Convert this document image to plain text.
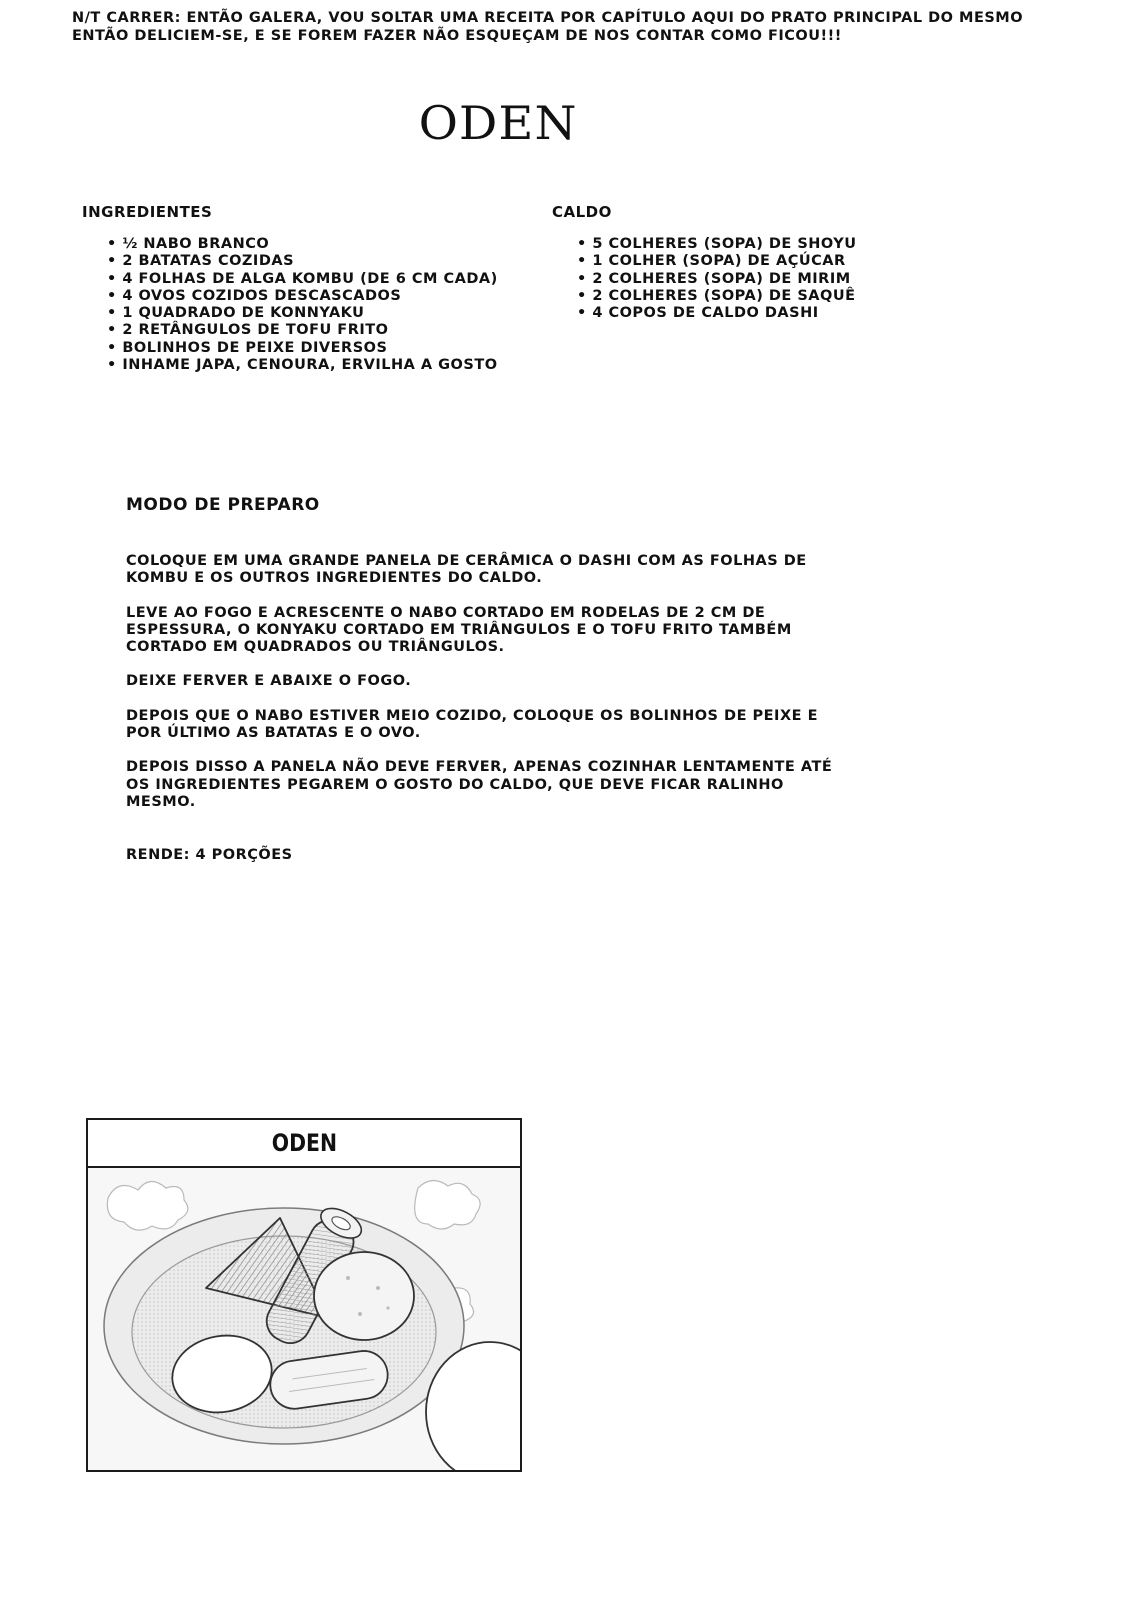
N/T CARRER: ENTÃO GALERA, VOU SOLTAR UMA RECEITA POR CAPÍTULO AQUI DO PRATO PRINCIPAL DO MESMO ENTÃO DELICIEM-SE, E SE FOREM FAZER NÃO ESQUEÇAM DE NOS CONTAR COMO FICOU!!!

ODEN
INGREDIENTES
• ½ NABO BRANCO
• 2 BATATAS COZIDAS
• 4 FOLHAS DE ALGA KOMBU (DE 6 CM CADA)
• 4 OVOS COZIDOS DESCASCADOS
• 1 QUADRADO DE KONNYAKU
• 2 RETÂNGULOS DE TOFU FRITO
• BOLINHOS DE PEIXE DIVERSOS
• INHAME JAPA, CENOURA, ERVILHA A GOSTO
CALDO
• 5 COLHERES (SOPA) DE SHOYU
• 1 COLHER (SOPA) DE AÇÚCAR
• 2 COLHERES (SOPA) DE MIRIM
• 2 COLHERES (SOPA) DE SAQUÊ
• 4 COPOS DE CALDO DASHI
MODO DE PREPARO

COLOQUE EM UMA GRANDE PANELA DE CERÂMICA O DASHI COM AS FOLHAS DE KOMBU E OS OUTROS INGREDIENTES DO CALDO.

LEVE AO FOGO E ACRESCENTE O NABO CORTADO EM RODELAS DE 2 CM DE ESPESSURA, O KONYAKU CORTADO EM TRIÂNGULOS E O TOFU FRITO TAMBÉM CORTADO EM QUADRADOS OU TRIÂNGULOS.

DEIXE FERVER E ABAIXE O FOGO.

DEPOIS QUE O NABO ESTIVER MEIO COZIDO, COLOQUE OS BOLINHOS DE PEIXE E POR ÚLTIMO AS BATATAS E O OVO.

DEPOIS DISSO A PANELA NÃO DEVE FERVER, APENAS COZINHAR LENTAMENTE ATÉ OS INGREDIENTES PEGAREM O GOSTO DO CALDO, QUE DEVE FICAR RALINHO MESMO.

RENDE: 4 PORÇÕES

ODEN
